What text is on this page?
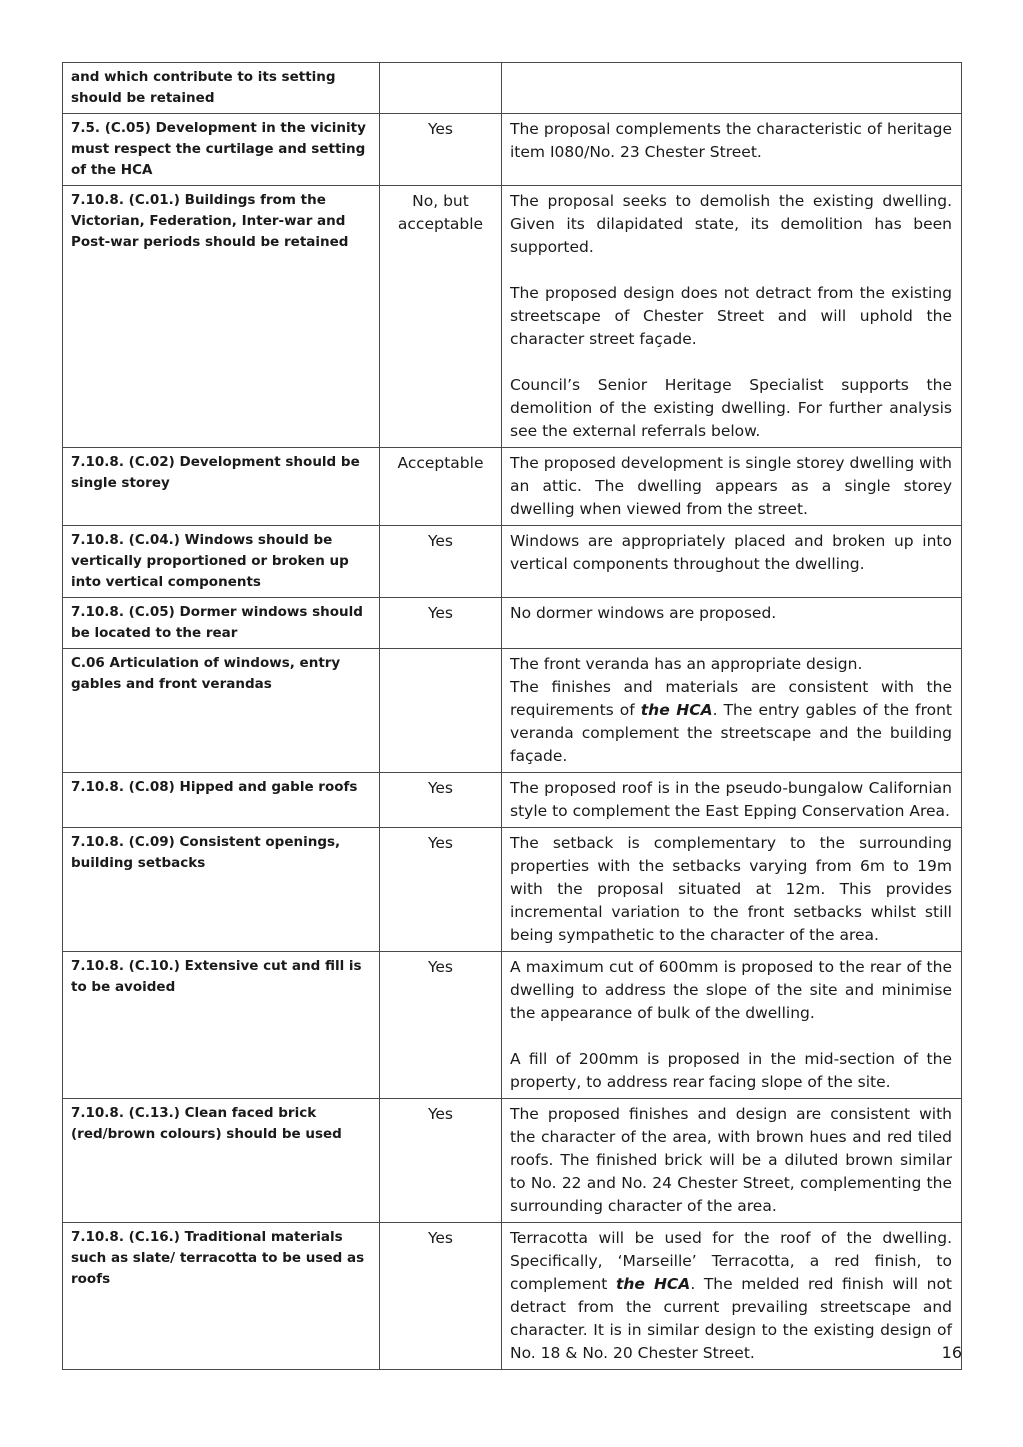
and which contribute to its setting should be retained		
7.5. (C.05) Development in the vicinity must respect the curtilage and setting of the HCA	Yes	The proposal complements the characteristic of heritage item I080/No. 23 Chester Street.

7.10.8. (C.01.) Buildings from the Victorian, Federation, Inter-war and Post-war periods should be retained	No, but acceptable	The proposal seeks to demolish the existing dwelling. Given its dilapidated state, its demolition has been supported.

The proposed design does not detract from the existing streetscape of Chester Street and will uphold the character street façade.

Council’s Senior Heritage Specialist supports the demolition of the existing dwelling. For further analysis see the external referrals below.

7.10.8. (C.02) Development should be single storey	Acceptable	The proposed development is single storey dwelling with an attic. The dwelling appears as a single storey dwelling when viewed from the street.

7.10.8. (C.04.) Windows should be vertically proportioned or broken up into vertical components	Yes	Windows are appropriately placed and broken up into vertical components throughout the dwelling.

7.10.8. (C.05) Dormer windows should be located to the rear	Yes	No dormer windows are proposed.

C.06 Articulation of windows, entry gables and front verandas		The front veranda has an appropriate design.

The finishes and materials are consistent with the requirements of the HCA. The entry gables of the front veranda complement the streetscape and the building façade.

7.10.8. (C.08) Hipped and gable roofs	Yes	The proposed roof is in the pseudo-bungalow Californian style to complement the East Epping Conservation Area.

7.10.8. (C.09) Consistent openings, building setbacks	Yes	The setback is complementary to the surrounding properties with the setbacks varying from 6m to 19m with the proposal situated at 12m. This provides incremental variation to the front setbacks whilst still being sympathetic to the character of the area.

7.10.8. (C.10.) Extensive cut and fill is to be avoided	Yes	A maximum cut of 600mm is proposed to the rear of the dwelling to address the slope of the site and minimise the appearance of bulk of the dwelling.

A fill of 200mm is proposed in the mid-section of the property, to address rear facing slope of the site.

7.10.8. (C.13.) Clean faced brick (red/brown colours) should be used	Yes	The proposed finishes and design are consistent with the character of the area, with brown hues and red tiled roofs. The finished brick will be a diluted brown similar to No. 22 and No. 24 Chester Street, complementing the surrounding character of the area.

7.10.8. (C.16.) Traditional materials such as slate/ terracotta to be used as roofs	Yes	Terracotta will be used for the roof of the dwelling. Specifically, ‘Marseille’ Terracotta, a red finish, to complement the HCA. The melded red finish will not detract from the current prevailing streetscape and character. It is in similar design to the existing design of No. 18 & No. 20 Chester Street.	16
